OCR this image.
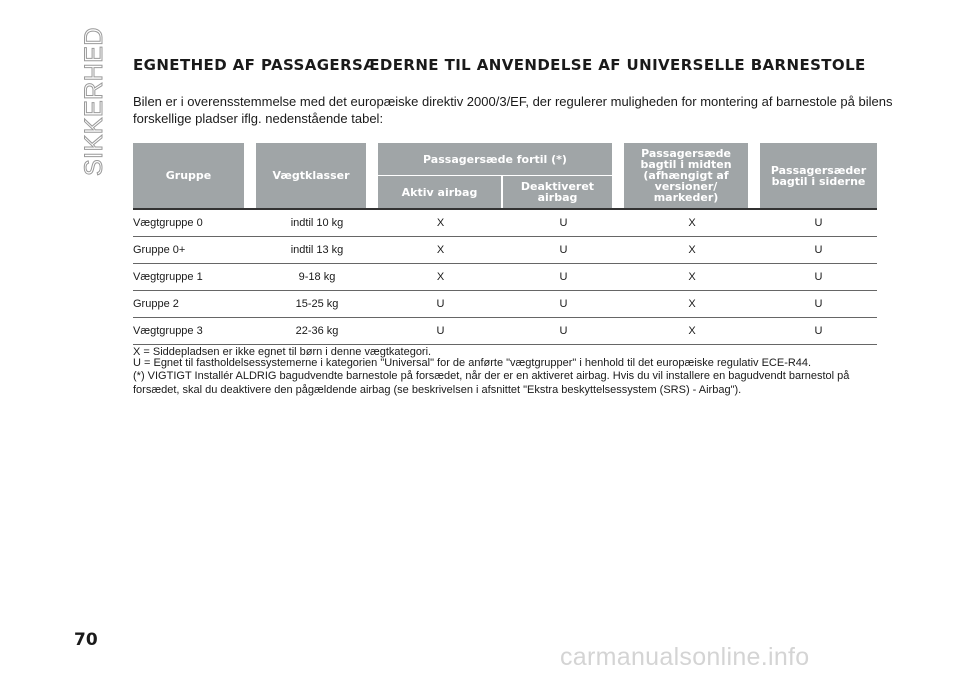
SIKKERHED EGNETHED AF PASSAGERSÆDERNE TIL ANVENDELSE AF UNIVERSELLE BARNESTOLE
Bilen er i overensstemmelse med det europæiske direktiv 2000/3/EF, der regulerer muligheden for montering af barnestole på bilens forskellige pladser iflg. nedenstående tabel:
Gruppe	Vægtklasser	Passagersæde fortil (*)		Passagersæde bagtil i midten (afhængigt af versioner/ markeder)	Passagersæder bagtil i siderne
		Aktiv airbag	Deaktiveret airbag		
Vægtgruppe 0	indtil 10 kg	X	U	X	U
Gruppe 0+	indtil 13 kg	X	U	X	U
Vægtgruppe 1	9-18 kg	X	U	X	U
Gruppe 2	15-25 kg	U	U	X	U
Vægtgruppe 3	22-36 kg	U	U	X	U

X = Siddepladsen er ikke egnet til børn i denne vægtkategori.

U = Egnet til fastholdelsessystemerne i kategorien "Universal" for de anførte "vægtgrupper" i henhold til det europæiske regulativ ECE-R44.

(*) VIGTIGT Installér ALDRIG bagudvendte barnestole på forsædet, når der er en aktiveret airbag. Hvis du vil installere en bagudvendt barnestol på forsædet, skal du deaktivere den pågældende airbag (se beskrivelsen i afsnittet "Ekstra beskyttelsessystem (SRS) - Airbag").

70
carmanualsonline.info
